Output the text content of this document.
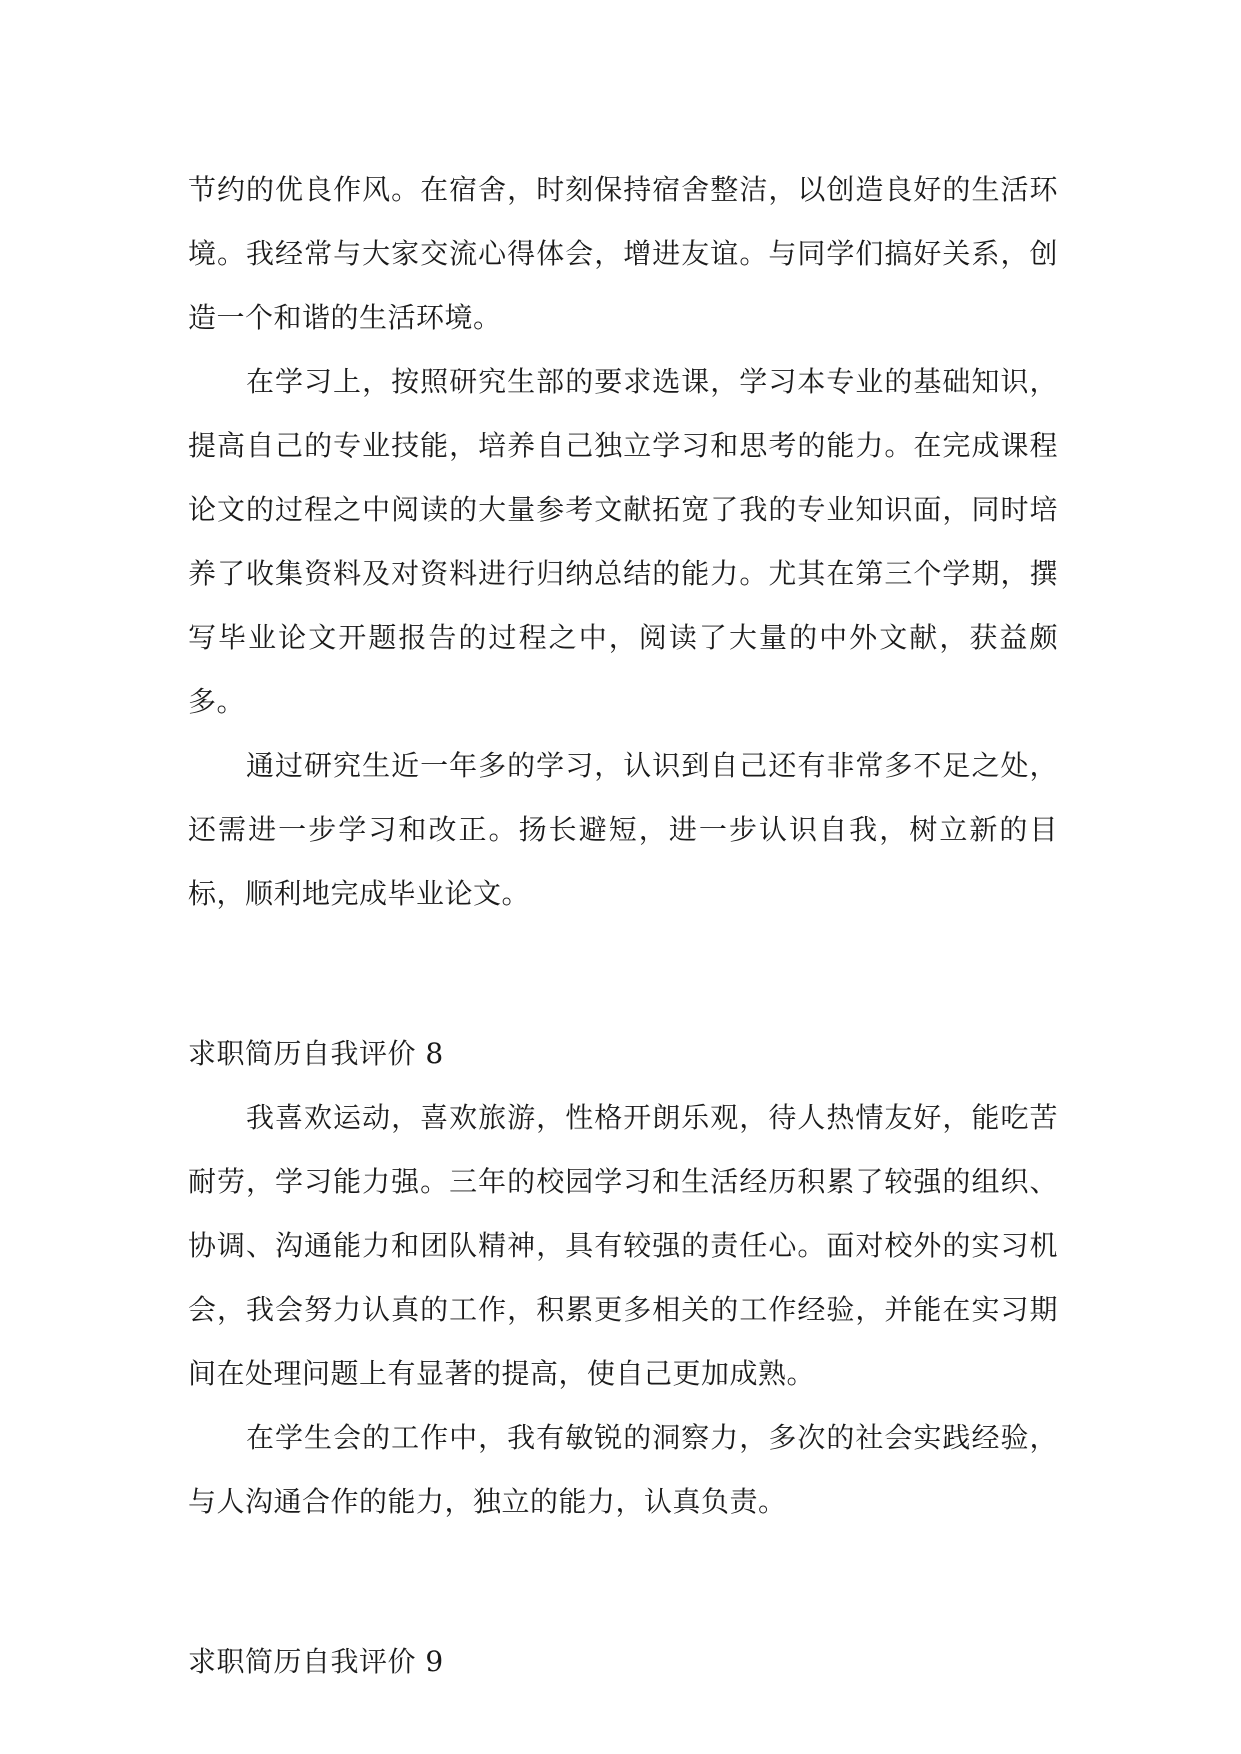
节约的优良作风。在宿舍，时刻保持宿舍整洁，以创造良好的生活环境。我经常与大家交流心得体会，增进友谊。与同学们搞好关系，创造一个和谐的生活环境。

在学习上，按照研究生部的要求选课，学习本专业的基础知识，提高自己的专业技能，培养自己独立学习和思考的能力。在完成课程论文的过程之中阅读的大量参考文献拓宽了我的专业知识面，同时培养了收集资料及对资料进行归纳总结的能力。尤其在第三个学期，撰写毕业论文开题报告的过程之中，阅读了大量的中外文献，获益颇多。

通过研究生近一年多的学习，认识到自己还有非常多不足之处，还需进一步学习和改正。扬长避短，进一步认识自我，树立新的目标，顺利地完成毕业论文。

求职简历自我评价 8

我喜欢运动，喜欢旅游，性格开朗乐观，待人热情友好，能吃苦耐劳，学习能力强。三年的校园学习和生活经历积累了较强的组织、协调、沟通能力和团队精神，具有较强的责任心。面对校外的实习机会，我会努力认真的工作，积累更多相关的工作经验，并能在实习期间在处理问题上有显著的提高，使自己更加成熟。

在学生会的工作中，我有敏锐的洞察力，多次的社会实践经验，与人沟通合作的能力，独立的能力，认真负责。

求职简历自我评价 9
